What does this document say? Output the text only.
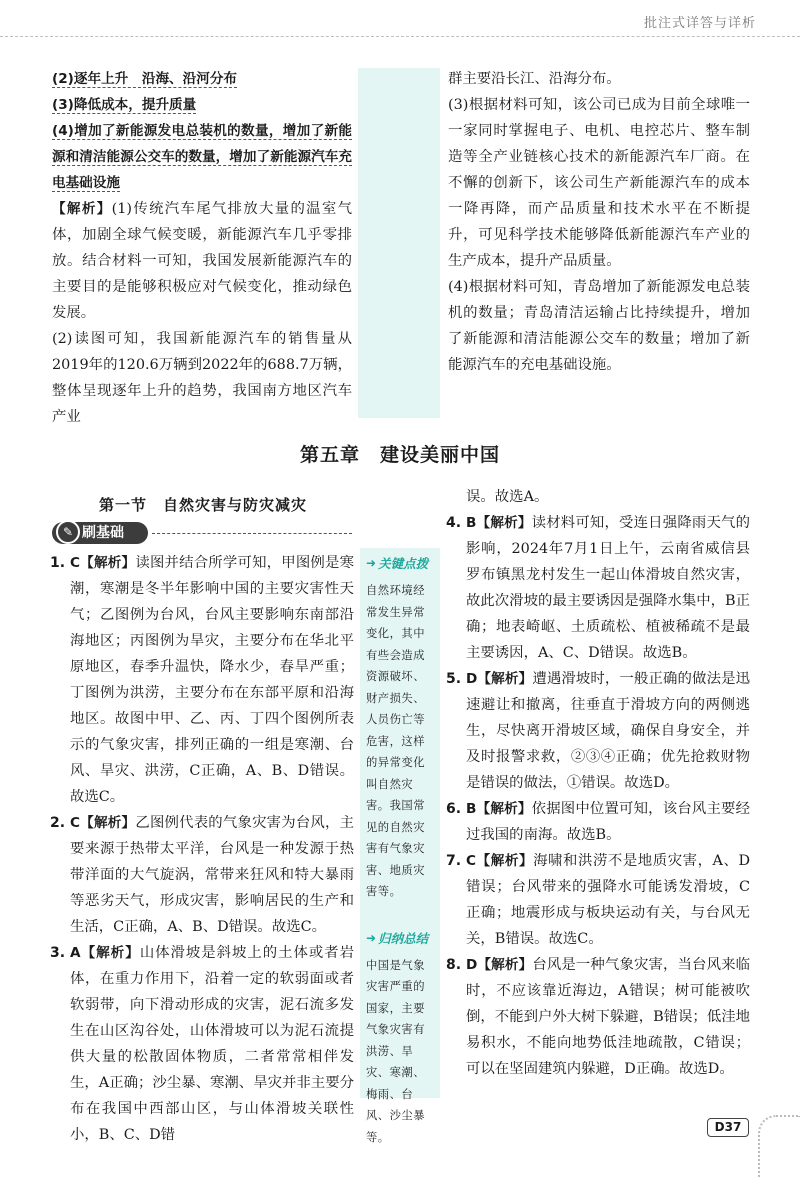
批注式详答与详析

(2)逐年上升　沿海、沿河分布

(3)降低成本，提升质量

(4)增加了新能源发电总装机的数量，增加了新能源和清洁能源公交车的数量，增加了新能源汽车充电基础设施

【解析】(1)传统汽车尾气排放大量的温室气体，加剧全球气候变暖，新能源汽车几乎零排放。结合材料一可知，我国发展新能源汽车的主要目的是能够积极应对气候变化，推动绿色发展。

(2)读图可知，我国新能源汽车的销售量从2019年的120.6万辆到2022年的688.7万辆，整体呈现逐年上升的趋势，我国南方地区汽车产业

群主要沿长江、沿海分布。

(3)根据材料可知，该公司已成为目前全球唯一一家同时掌握电子、电机、电控芯片、整车制造等全产业链核心技术的新能源汽车厂商。在不懈的创新下，该公司生产新能源汽车的成本一降再降，而产品质量和技术水平在不断提升，可见科学技术能够降低新能源汽车产业的生产成本，提升产品质量。

(4)根据材料可知，青岛增加了新能源发电总装机的数量；青岛清洁运输占比持续提升，增加了新能源和清洁能源公交车的数量；增加了新能源汽车的充电基础设施。

第五章　建设美丽中国
第一节　自然灾害与防灾减灾
刷基础
✎
➜ 关键点拨
自然环境经常发生异常变化，其中有些会造成资源破坏、财产损失、人员伤亡等危害，这样的异常变化叫自然灾害。我国常见的自然灾害有气象灾害、地质灾害等。
➜ 归纳总结
中国是气象灾害严重的国家，主要气象灾害有洪涝、旱灾、寒潮、梅雨、台风、沙尘暴等。
1. C【解析】读图并结合所学可知，甲图例是寒潮，寒潮是冬半年影响中国的主要灾害性天气；乙图例为台风，台风主要影响东南部沿海地区；丙图例为旱灾，主要分布在华北平原地区，春季升温快，降水少，春旱严重；丁图例为洪涝，主要分布在东部平原和沿海地区。故图中甲、乙、丙、丁四个图例所表示的气象灾害，排列正确的一组是寒潮、台风、旱灾、洪涝，C正确，A、B、D错误。故选C。

2. C【解析】乙图例代表的气象灾害为台风，主要来源于热带太平洋，台风是一种发源于热带洋面的大气旋涡，常带来狂风和特大暴雨等恶劣天气，形成灾害，影响居民的生产和生活，C正确，A、B、D错误。故选C。

3. A【解析】山体滑坡是斜坡上的土体或者岩体，在重力作用下，沿着一定的软弱面或者软弱带，向下滑动形成的灾害，泥石流多发生在山区沟谷处，山体滑坡可以为泥石流提供大量的松散固体物质，二者常常相伴发生，A正确；沙尘暴、寒潮、旱灾并非主要分布在我国中西部山区，与山体滑坡关联性小，B、C、D错

误。故选A。

4. B【解析】读材料可知，受连日强降雨天气的影响，2024年7月1日上午，云南省威信县罗布镇黑龙村发生一起山体滑坡自然灾害，故此次滑坡的最主要诱因是强降水集中，B正确；地表崎岖、土质疏松、植被稀疏不是最主要诱因，A、C、D错误。故选B。

5. D【解析】遭遇滑坡时，一般正确的做法是迅速避让和撤离，往垂直于滑坡方向的两侧逃生，尽快离开滑坡区域，确保自身安全，并及时报警求救，②③④正确；优先抢救财物是错误的做法，①错误。故选D。

6. B【解析】依据图中位置可知，该台风主要经过我国的南海。故选B。

7. C【解析】海啸和洪涝不是地质灾害，A、D错误；台风带来的强降水可能诱发滑坡，C正确；地震形成与板块运动有关，与台风无关，B错误。故选C。

8. D【解析】台风是一种气象灾害，当台风来临时，不应该靠近海边，A错误；树可能被吹倒，不能到户外大树下躲避，B错误；低洼地易积水，不能向地势低洼地疏散，C错误；可以在坚固建筑内躲避，D正确。故选D。

D37
